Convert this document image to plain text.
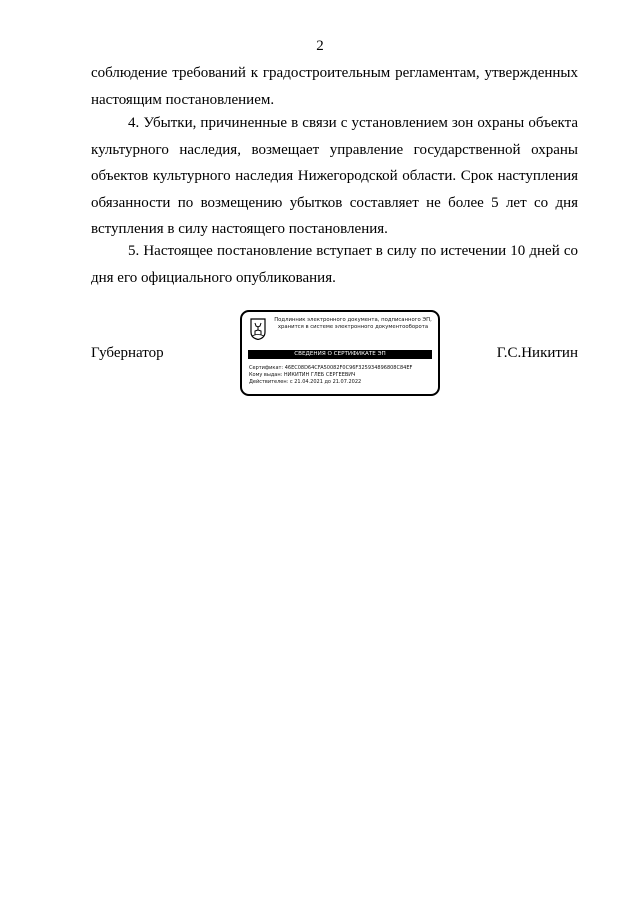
2

соблюдение требований к градостроительным регламентам, утвержденных настоящим постановлением.

4. Убытки, причиненные в связи с установлением зон охраны объекта культурного наследия, возмещает управление государственной охраны объектов культурного наследия Нижегородской области. Срок наступления обязанности по возмещению убытков составляет не более 5 лет со дня вступления в силу настоящего постановления.

5. Настоящее постановление вступает в силу по истечении 10 дней со дня его официального опубликования.

Губернатор	Г.С.Никитин
Подлинник электронного документа, подписанного ЭП,
хранится в системе электронного документооборота
СВЕДЕНИЯ О СЕРТИФИКАТЕ ЭП
Сертификат: 46EC08D64CFA50082F0C96F325934896808C84EF
Кому выдан: НИКИТИН ГЛЕБ СЕРГЕЕВИЧ
Действителен: с 21.04.2021 до 21.07.2022
